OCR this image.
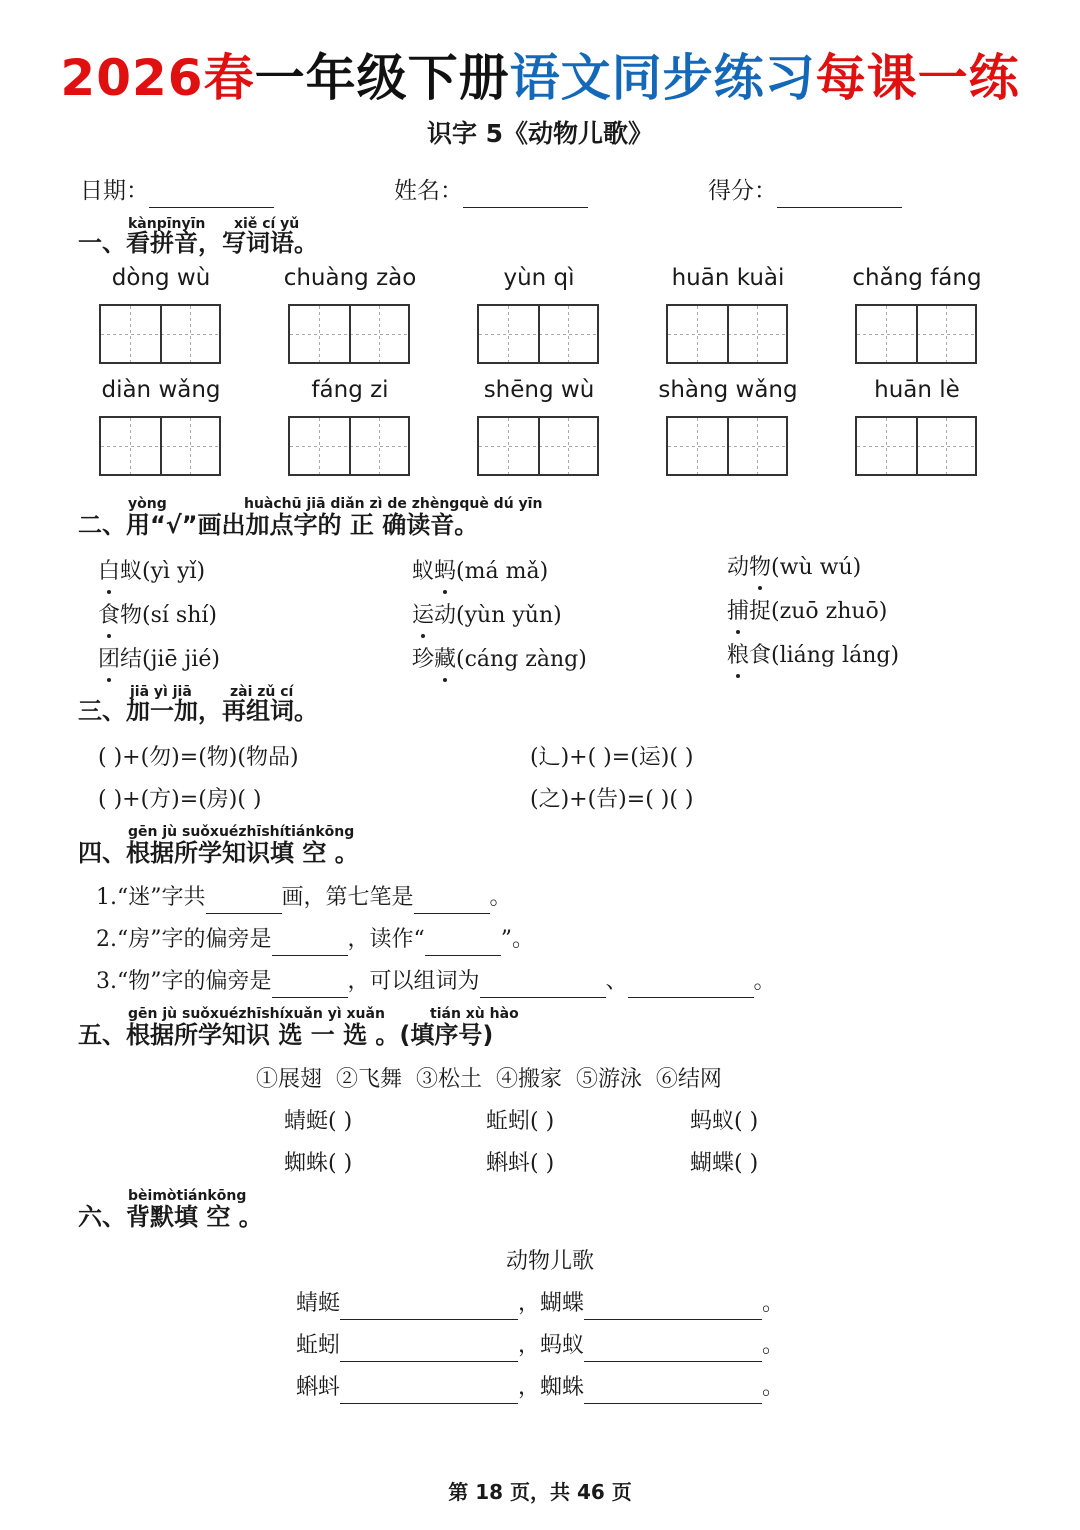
2026春一年级下册语文同步练习每课一练
识字 5《动物儿歌》
日期：	姓名：	得分：
kànpīnyīn xiě cí yǔ
一、看拼音，写词语。
dòng wù	chuàng zào	yùn qì	huān kuài	chǎng fáng
diàn wǎng	fáng zi	shēng wù	shàng wǎng	huān lè
yòng	huàchū jiā diǎn zì de zhèngquè dú yīn
二、用“√”画出加点字的 正 确读音。
白蚁(yì yǐ)	蚁蚂(má mǎ)	动物(wù wú)
食物(sí shí)	运动(yùn yǔn)	捕捉(zuō zhuō)
团结(jiē jié)	珍藏(cáng zàng)	粮食(liáng láng)
jiā yì jiā	zài zǔ cí
三、加一加，再组词。
( )+(勿)=(物)(物品)	(辶)+( )=(运)( )
( )+(方)=(房)( )	(之)+(告)=( )( )
gēn jù suǒxuézhīshítiánkōng
四、根据所学知识填 空 。
1.“迷”字共	画，第七笔是	。
2.“房”字的偏旁是	，读作“	”。
3.“物”字的偏旁是	，可以组词为	、	。
gēn jù suǒxuézhīshíxuǎn yì xuǎn	tián xù hào
五、根据所学知识 选 一 选 。(填序号)
①展翅  ②飞舞  ③松土  ④搬家  ⑤游泳  ⑥结网
蜻蜓( )	蚯蚓( )	蚂蚁( )
蜘蛛( )	蝌蚪( )	蝴蝶( )
bèimòtiánkōng
六、背默填 空 。
动物儿歌
蜻蜓	，蝴蝶	。
蚯蚓	，蚂蚁	。
蝌蚪	，蜘蛛	。
第 18 页，共 46 页
